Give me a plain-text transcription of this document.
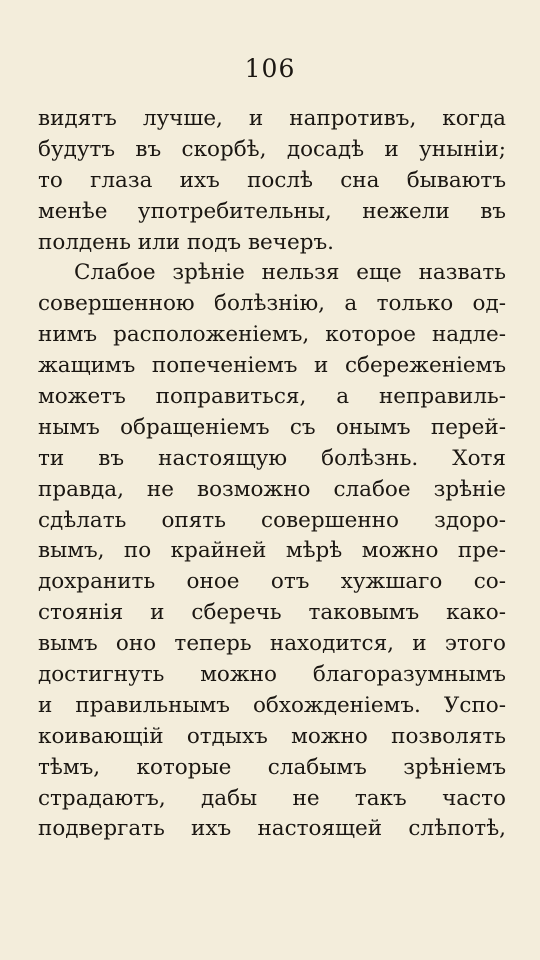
106
видятъ лучше, и напротивъ, когда
будутъ въ скорбѣ, досадѣ и уныніи;
то глаза ихъ послѣ сна бываютъ
менѣе употребительны, нежели въ
полдень или подъ вечеръ.
Слабое зрѣніе нельзя еще назвать
совершенною болѣзнію, а только од-
нимъ расположеніемъ, которое надле-
жащимъ попеченіемъ и сбереженіемъ
можетъ поправиться, а неправиль-
нымъ обращеніемъ съ онымъ перей-
ти въ настоящую болѣзнь. Хотя
правда, не возможно слабое зрѣніе
сдѣлать опять совершенно здоро-
вымъ, по крайней мѣрѣ можно пре-
дохранить оное отъ хужшаго со-
стоянія и сберечь таковымъ како-
вымъ оно теперь находится, и этого
достигнуть можно благоразумнымъ
и правильнымъ обхожденіемъ. Успо-
коивающій отдыхъ можно позволять
тѣмъ, которые слабымъ зрѣніемъ
страдаютъ, дабы не такъ часто
подвергать ихъ настоящей слѣпотѣ,
